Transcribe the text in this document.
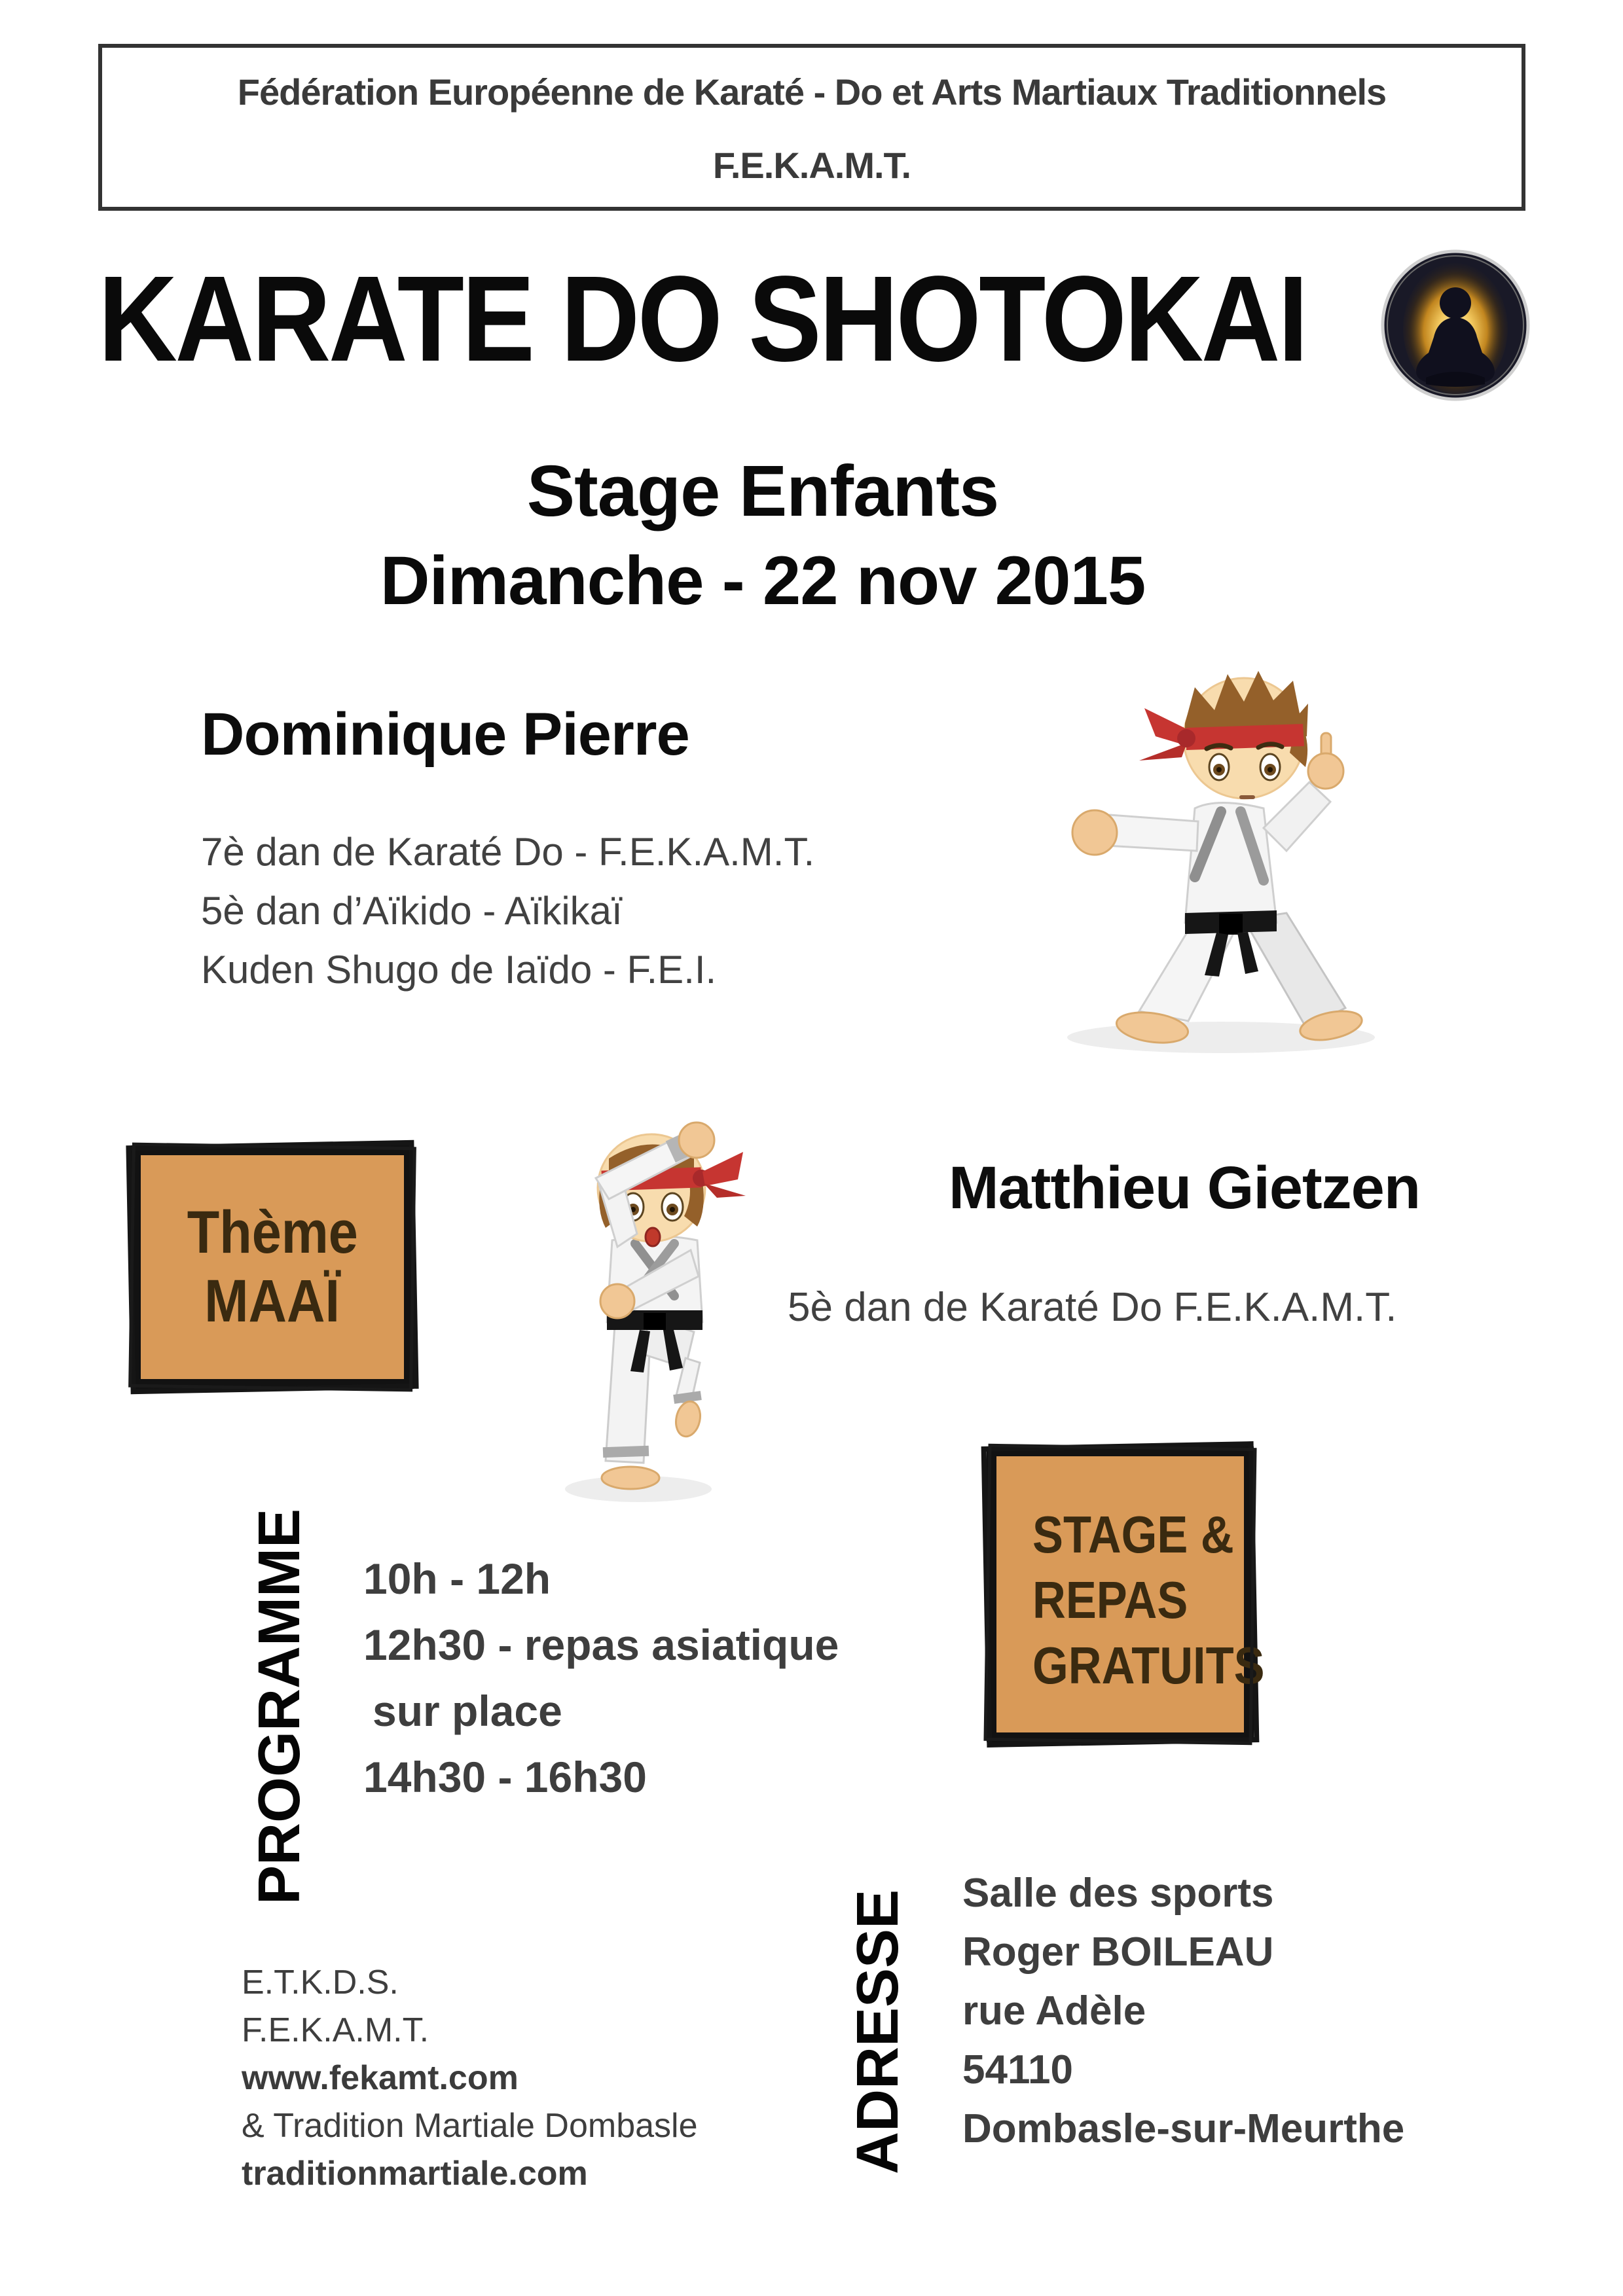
Fédération Européenne de Karaté - Do et Arts Martiaux Traditionnels
F.E.K.A.M.T.
KARATE DO SHOTOKAI
Stage Enfants
Dimanche - 22 nov 2015
Dominique Pierre
7è dan de Karaté Do - F.E.K.A.M.T.
5è dan d’Aïkido - Aïkikaï
Kuden Shugo de Iaïdo - F.E.I.
Thème
MAAÏ
Matthieu Gietzen
5è dan de Karaté Do F.E.K.A.M.T.
STAGE &
REPAS
GRATUITS
PROGRAMME 10h - 12h
12h30 - repas asiatique
sur place
14h30 - 16h30
ADRESSE Salle des sports
Roger BOILEAU
rue Adèle
54110
Dombasle-sur-Meurthe
E.T.K.D.S.
F.E.K.A.M.T.
www.fekamt.com
& Tradition Martiale Dombasle
traditionmartiale.com
